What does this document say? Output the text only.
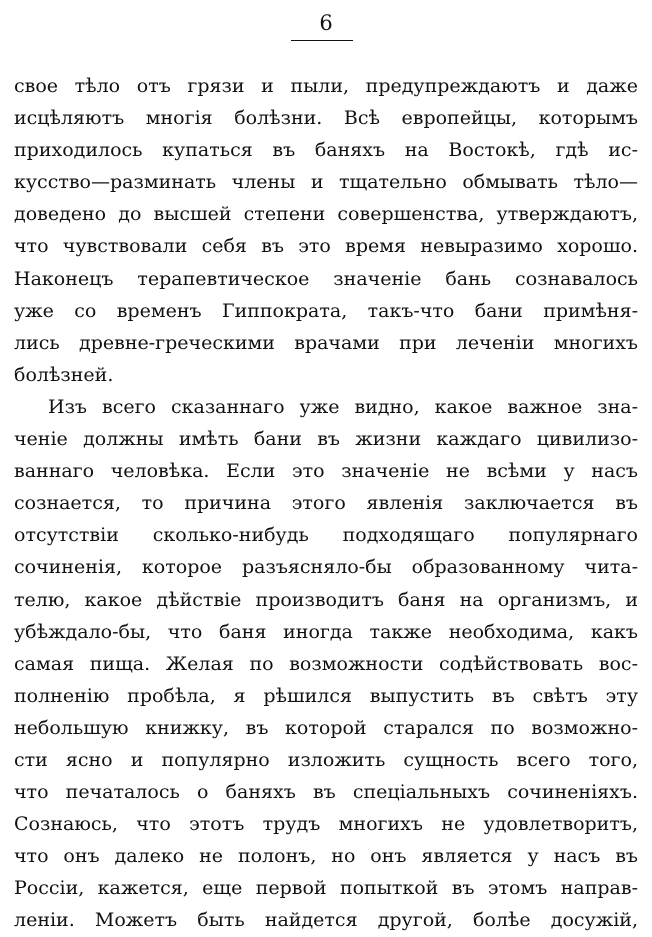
6
свое тѣло отъ грязи и пыли, предупреждаютъ и даже
исцѣляютъ многія болѣзни. Всѣ европейцы, которымъ
приходилось купаться въ баняхъ на Востокѣ, гдѣ ис-
кусство—разминать члены и тщательно обмывать тѣло—
доведено до высшей степени совершенства, утверждаютъ,
что чувствовали себя въ это время невыразимо хорошо.
Наконецъ терапевтическое значеніе бань сознавалось
уже со временъ Гиппократа, такъ-что бани примѣня-
лись древне-греческими врачами при леченіи многихъ
болѣзней.
Изъ всего сказаннаго уже видно, какое важное зна-
ченіе должны имѣть бани въ жизни каждаго цивилизо-
ваннаго человѣка. Если это значеніе не всѣми у насъ
сознается, то причина этого явленія заключается въ
отсутствіи сколько-нибудь подходящаго популярнаго
сочиненія, которое разъясняло-бы образованному чита-
телю, какое дѣйствіе производитъ баня на организмъ, и
убѣждало-бы, что баня иногда также необходима, какъ
самая пища. Желая по возможности содѣйствовать вос-
полненію пробѣла, я рѣшился выпустить въ свѣтъ эту
небольшую книжку, въ которой старался по возможно-
сти ясно и популярно изложить сущность всего того,
что печаталось о баняхъ въ спеціальныхъ сочиненіяхъ.
Сознаюсь, что этотъ трудъ многихъ не удовлетворитъ,
что онъ далеко не полонъ, но онъ является у насъ въ
Россіи, кажется, еще первой попыткой въ этомъ направ-
леніи. Можетъ быть найдется другой, болѣе досужій,
